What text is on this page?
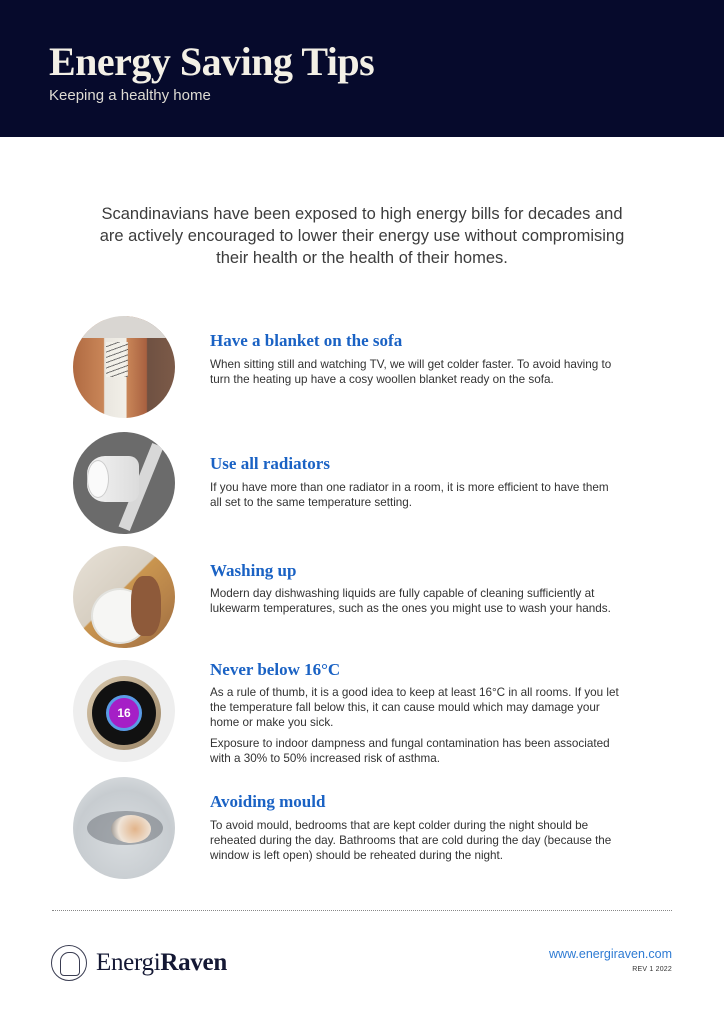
Energy Saving Tips
Keeping a healthy home

Scandinavians have been exposed to high energy bills for decades and are actively encouraged to lower their energy use without compromising their health or the health of their homes.

Have a blanket on the sofa

When sitting still and watching TV, we will get colder faster. To avoid having to turn the heating up have a cosy woollen blanket ready on the sofa.

Use all radiators

If you have more than one radiator in a room, it is more efficient to have them all set to the same temperature setting.

Washing up

Modern day dishwashing liquids are fully capable of cleaning sufficiently at lukewarm temperatures, such as the ones you might use to wash your hands.

16
Never below 16°C

As a rule of thumb, it is a good idea to keep at least 16°C in all rooms. If you let the temperature fall below this, it can cause mould which may damage your home or make you sick.

Exposure to indoor dampness and fungal contamination has been associated with a 30% to 50% increased risk of asthma.

Avoiding mould

To avoid mould, bedrooms that are kept colder during the night should be reheated during the day. Bathrooms that are cold during the day (because the window is left open) should be reheated during the night.

EnergiRaven	www.energiraven.com
REV 1 2022
